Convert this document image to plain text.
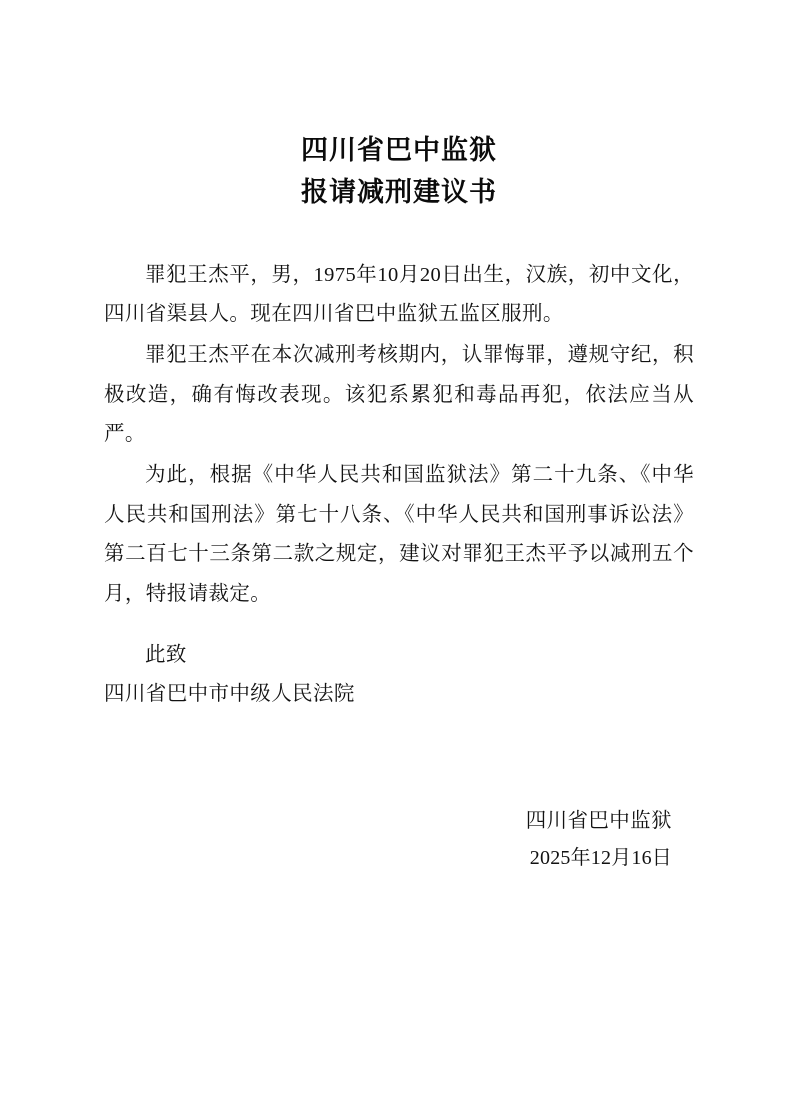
四川省巴中监狱
报请减刑建议书

罪犯王杰平，男，1975年10月20日出生，汉族，初中文化，四川省渠县人。现在四川省巴中监狱五监区服刑。

罪犯王杰平在本次减刑考核期内，认罪悔罪，遵规守纪，积极改造，确有悔改表现。该犯系累犯和毒品再犯，依法应当从严。

为此，根据《中华人民共和国监狱法》第二十九条、《中华人民共和国刑法》第七十八条、《中华人民共和国刑事诉讼法》第二百七十三条第二款之规定，建议对罪犯王杰平予以减刑五个月，特报请裁定。

此致
四川省巴中市中级人民法院
四川省巴中监狱
2025年12月16日
